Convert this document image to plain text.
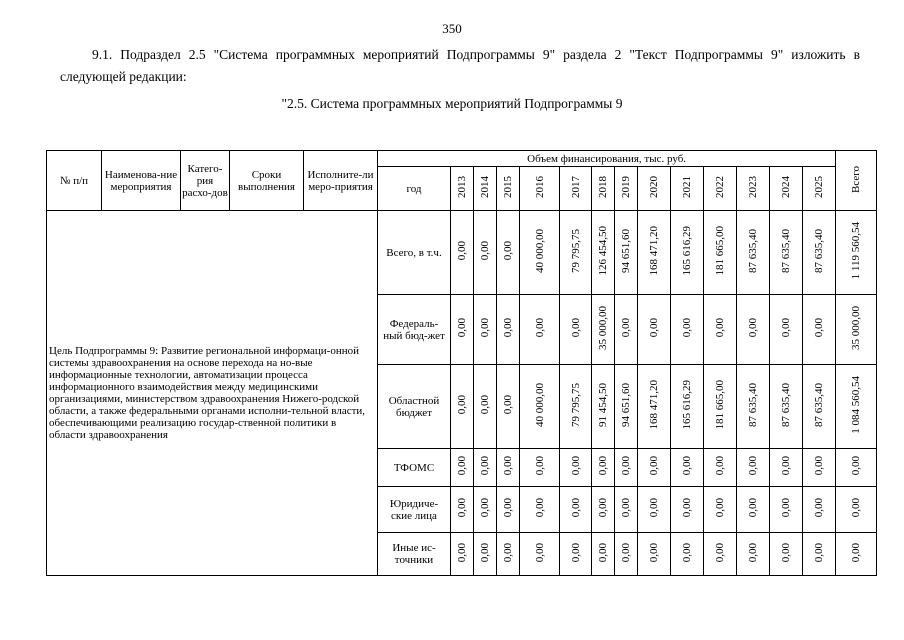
350
9.1. Подраздел 2.5 "Система программных мероприятий Подпрограммы 9" раздела 2 "Текст Подпрограммы 9" изложить в следующей редакции:
"2.5. Система программных мероприятий Подпрограммы 9
№ п/п	Наименова-ние мероприятия	Катего-рия расхо-дов	Сроки выполнения	Исполните-ли меро-приятия	Объем финансирования, тыс. руб.														Всего
					год	2013	2014	2015	2016	2017	2018	2019	2020	2021	2022	2023	2024	2025	
Цель Подпрограммы 9: Развитие региональной информаци-онной системы здравоохранения на основе перехода на но-вые информационные технологии, автоматизации процесса информационного взаимодействия между медицинскими организациями, министерством здравоохранения Нижего-родской области, а также федеральными органами исполни-тельной власти, обеспечивающими реализацию государ-ственной политики в области здравоохранения					Всего, в т.ч.	0,00	0,00	0,00	40 000,00	79 795,75	126 454,50	94 651,60	168 471,20	165 616,29	181 665,00	87 635,40	87 635,40	87 635,40	1 119 560,54
					Федераль-ный бюд-жет	0,00	0,00	0,00	0,00	0,00	35 000,00	0,00	0,00	0,00	0,00	0,00	0,00	0,00	35 000,00
					Областной бюджет	0,00	0,00	0,00	40 000,00	79 795,75	91 454,50	94 651,60	168 471,20	165 616,29	181 665,00	87 635,40	87 635,40	87 635,40	1 084 560,54
					ТФОМС	0,00	0,00	0,00	0,00	0,00	0,00	0,00	0,00	0,00	0,00	0,00	0,00	0,00	0,00
					Юридиче-ские лица	0,00	0,00	0,00	0,00	0,00	0,00	0,00	0,00	0,00	0,00	0,00	0,00	0,00	0,00
					Иные ис-точники	0,00	0,00	0,00	0,00	0,00	0,00	0,00	0,00	0,00	0,00	0,00	0,00	0,00	0,00
